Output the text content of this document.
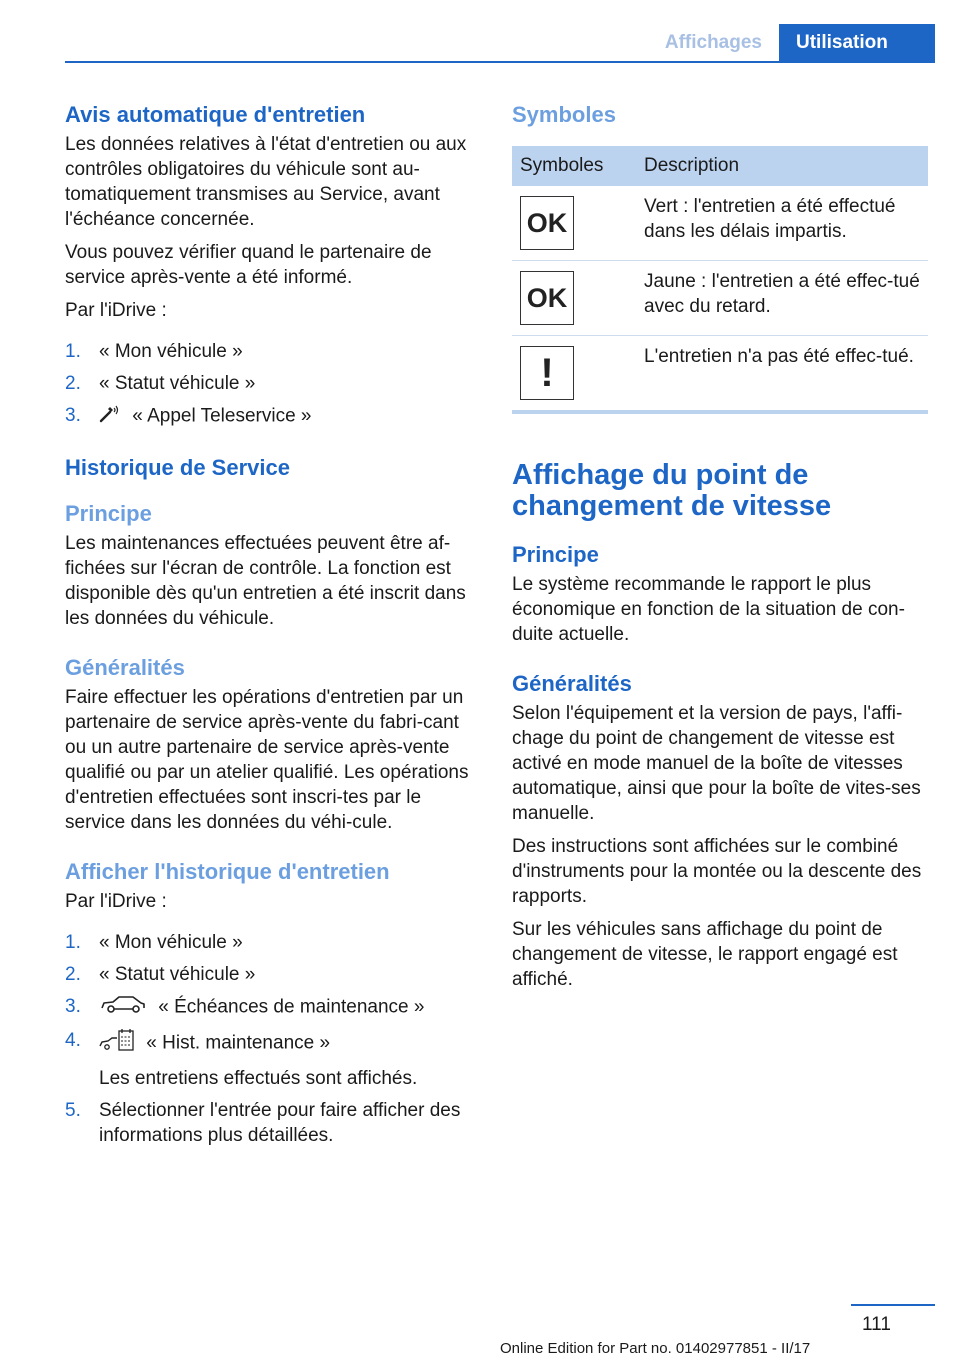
Affichages	Utilisation
Avis automatique d'entretien

Les données relatives à l'état d'entretien ou aux contrôles obligatoires du véhicule sont au-tomatiquement transmises au Service, avant l'échéance concernée.

Vous pouvez vérifier quand le partenaire de service après-vente a été informé.

Par l'iDrive :

1. « Mon véhicule »
2. « Statut véhicule »
3.	« Appel Teleservice »
Historique de Service
Principe

Les maintenances effectuées peuvent être af-fichées sur l'écran de contrôle. La fonction est disponible dès qu'un entretien a été inscrit dans les données du véhicule.

Généralités

Faire effectuer les opérations d'entretien par un partenaire de service après-vente du fabri-cant ou un autre partenaire de service après-vente qualifié ou par un atelier qualifié. Les opérations d'entretien effectuées sont inscri-tes par le service dans les données du véhi-cule.

Afficher l'historique d'entretien

Par l'iDrive :

1. « Mon véhicule »
2. « Statut véhicule »
3.	« Échéances de maintenance »
4.	« Hist. maintenance »
Les entretiens effectués sont affichés.
5. Sélectionner l'entrée pour faire afficher des informations plus détaillées.
Symboles
Symboles	Description

OK	Vert : l'entretien a été effectué dans les délais impartis.

OK	Jaune : l'entretien a été effec-tué avec du retard.

!	L'entretien n'a pas été effec-tué.
Affichage du point de changement de vitesse
Principe

Le système recommande le rapport le plus économique en fonction de la situation de con-duite actuelle.

Généralités

Selon l'équipement et la version de pays, l'affi-chage du point de changement de vitesse est activé en mode manuel de la boîte de vitesses automatique, ainsi que pour la boîte de vites-ses manuelle.

Des instructions sont affichées sur le combiné d'instruments pour la montée ou la descente des rapports.

Sur les véhicules sans affichage du point de changement de vitesse, le rapport engagé est affiché.

111
Online Edition for Part no. 01402977851 - II/17
